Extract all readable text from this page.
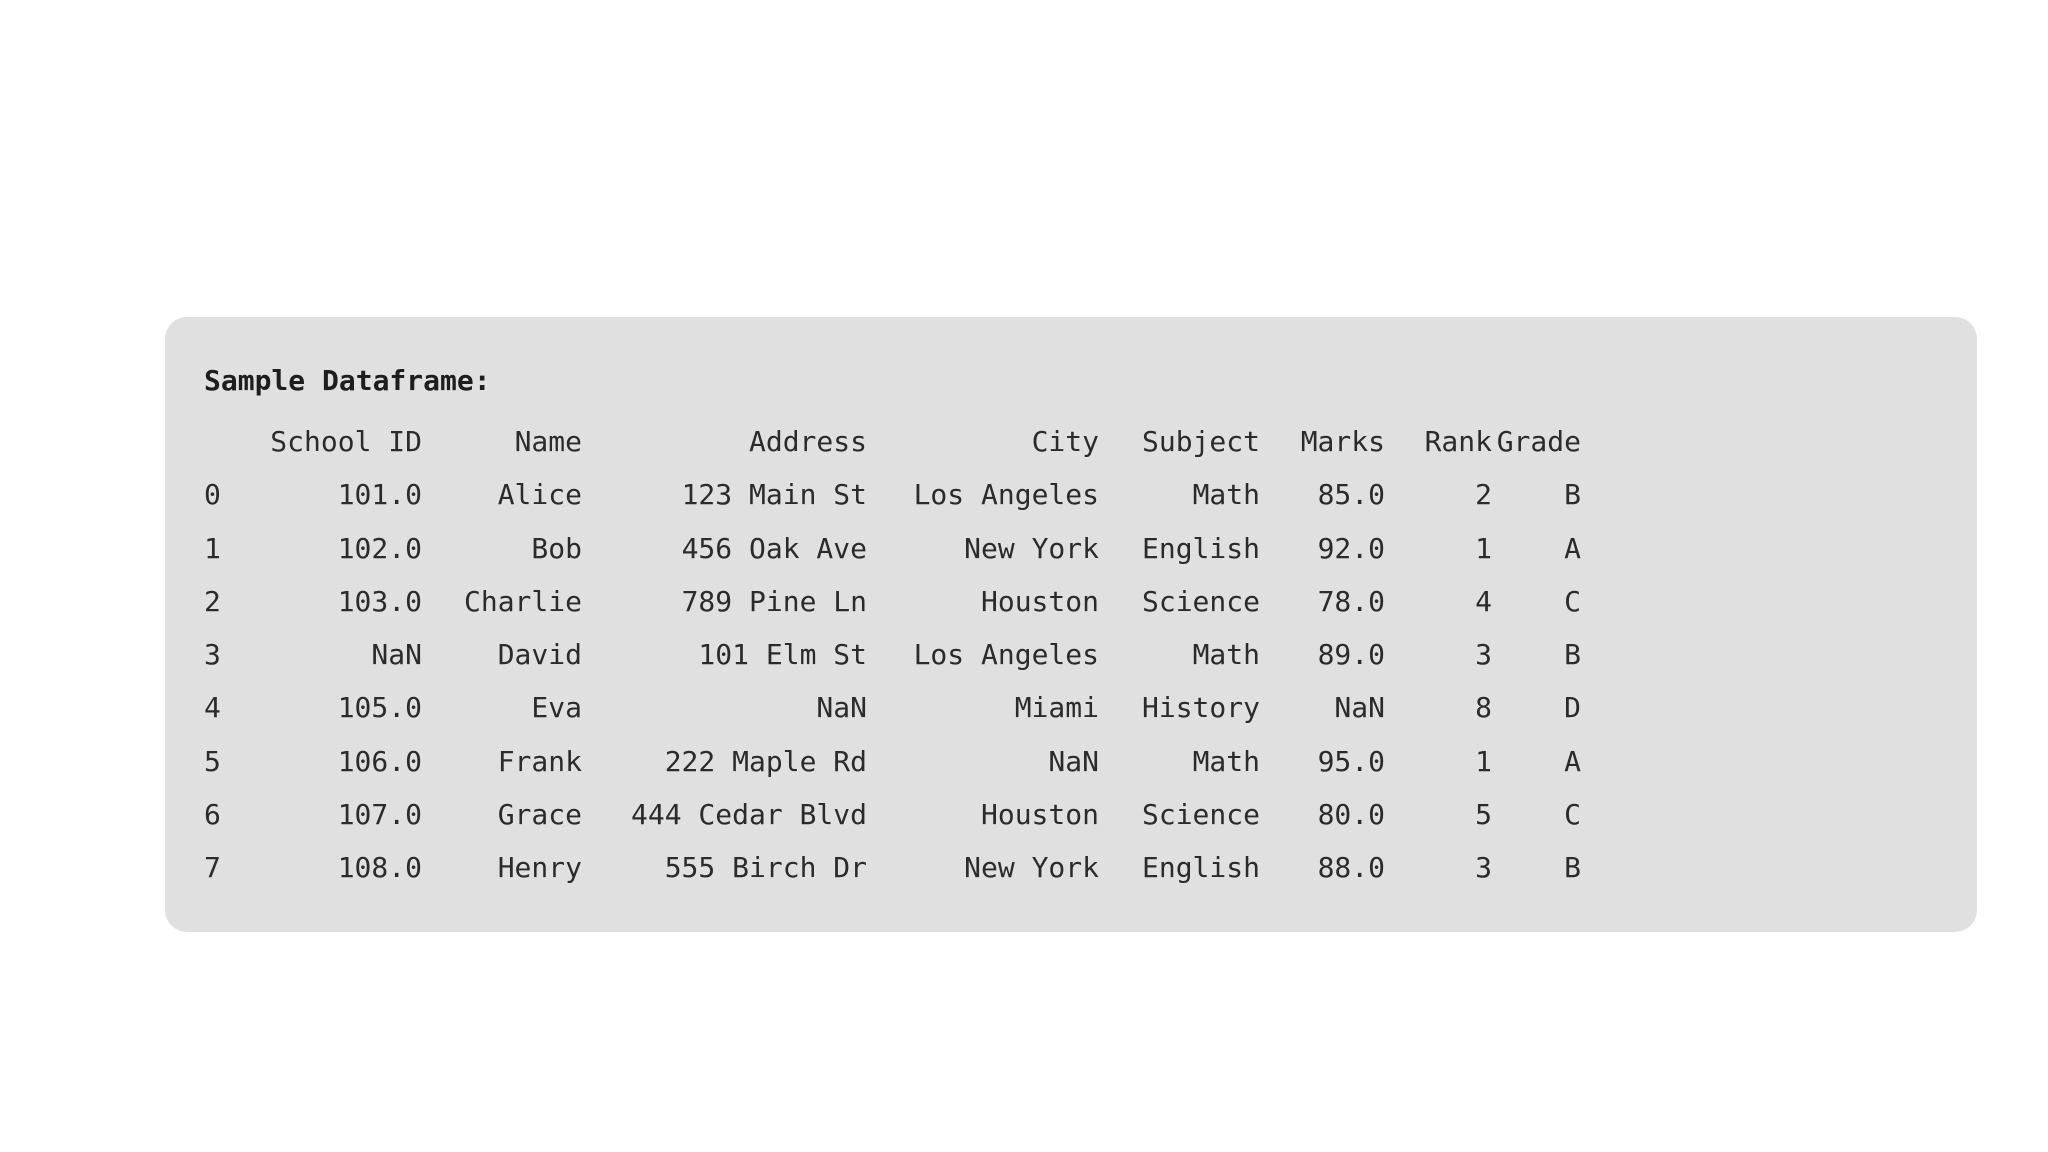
Sample Dataframe:
	School ID	Name	Address	City	Subject	Marks	Rank	Grade
0	101.0	Alice	123 Main St	Los Angeles	Math	85.0	2	B
1	102.0	Bob	456 Oak Ave	New York	English	92.0	1	A
2	103.0	Charlie	789 Pine Ln	Houston	Science	78.0	4	C
3	NaN	David	101 Elm St	Los Angeles	Math	89.0	3	B
4	105.0	Eva	NaN	Miami	History	NaN	8	D
5	106.0	Frank	222 Maple Rd	NaN	Math	95.0	1	A
6	107.0	Grace	444 Cedar Blvd	Houston	Science	80.0	5	C
7	108.0	Henry	555 Birch Dr	New York	English	88.0	3	B
